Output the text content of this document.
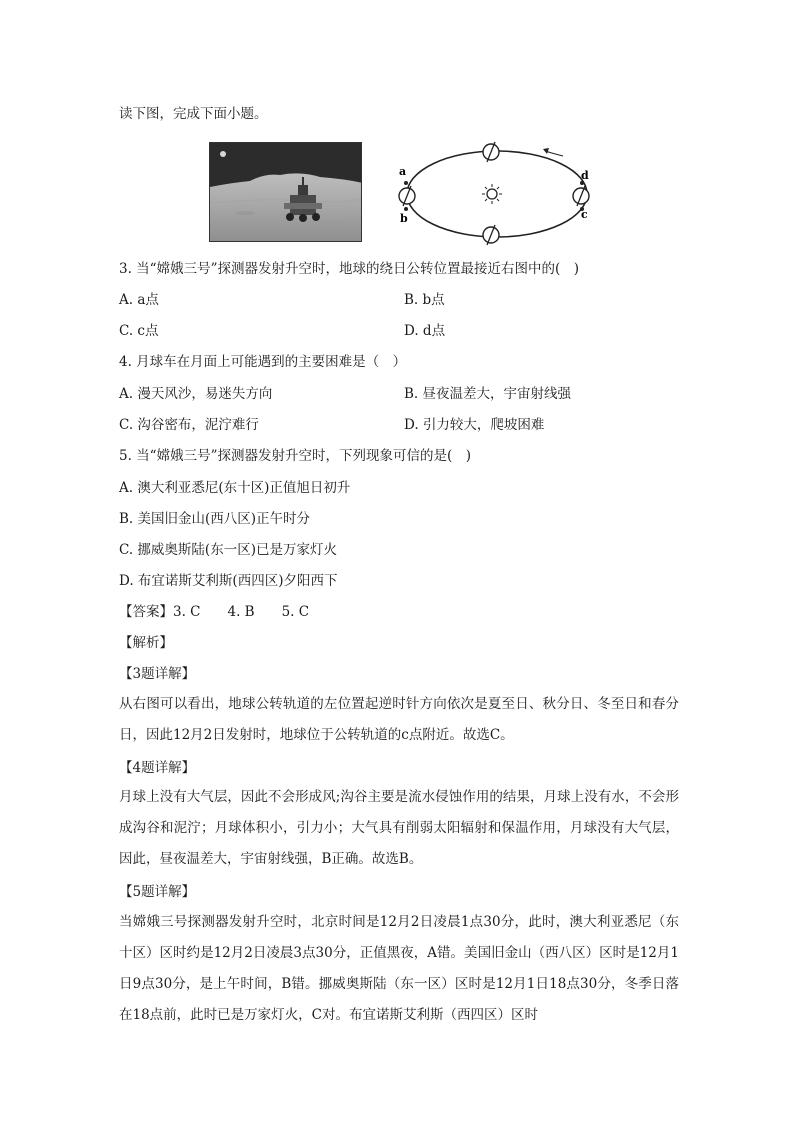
读下图，完成下面小题。
a
b
d
c
3. 当“嫦娥三号”探测器发射升空时，地球的绕日公转位置最接近右图中的(　)
A. a点	B. b点
C. c点	D. d点
4. 月球车在月面上可能遇到的主要困难是（　）
A. 漫天风沙，易迷失方向	B. 昼夜温差大，宇宙射线强
C. 沟谷密布，泥泞难行	D. 引力较大，爬坡困难
5. 当“嫦娥三号”探测器发射升空时，下列现象可信的是(　)
A. 澳大利亚悉尼(东十区)正值旭日初升
B. 美国旧金山(西八区)正午时分
C. 挪威奥斯陆(东一区)已是万家灯火
D. 布宜诺斯艾利斯(西四区)夕阳西下
【答案】3. C　　4. B　　5. C
【解析】
【3题详解】
从右图可以看出，地球公转轨道的左位置起逆时针方向依次是夏至日、秋分日、冬至日和春分日，因此12月2日发射时，地球位于公转轨道的c点附近。故选C。
【4题详解】
月球上没有大气层，因此不会形成风;沟谷主要是流水侵蚀作用的结果，月球上没有水，不会形成沟谷和泥泞；月球体积小，引力小；大气具有削弱太阳辐射和保温作用，月球没有大气层，因此，昼夜温差大，宇宙射线强，B正确。故选B。
【5题详解】
当嫦娥三号探测器发射升空时，北京时间是12月2日凌晨1点30分，此时，澳大利亚悉尼（东十区）区时约是12月2日凌晨3点30分，正值黑夜，A错。美国旧金山（西八区）区时是12月1日9点30分，是上午时间，B错。挪威奥斯陆（东一区）区时是12月1日18点30分，冬季日落在18点前，此时已是万家灯火，C对。布宜诺斯艾利斯（西四区）区时
